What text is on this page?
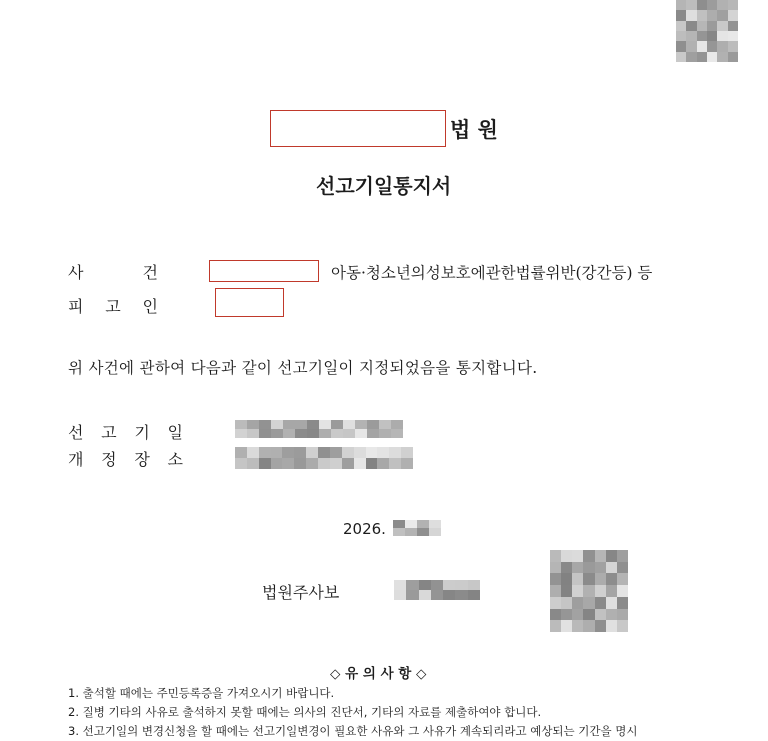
법 원
선고기일통지서
사	건	아동·청소년의성보호에관한법률위반(강간등) 등
피 고 인
위 사건에 관하여 다음과 같이 선고기일이 지정되었음을 통지합니다.
선 고 기 일
개 정 장 소
2026.
법원주사보
◇ 유 의 사 항 ◇
1. 출석할 때에는 주민등록증을 가져오시기 바랍니다.
2. 질병 기타의 사유로 출석하지 못할 때에는 의사의 진단서, 기타의 자료를 제출하여야 합니다.
3. 선고기일의 변경신청을 할 때에는 선고기일변경이 필요한 사유와 그 사유가 계속되리라고 예상되는 기간을 명시
